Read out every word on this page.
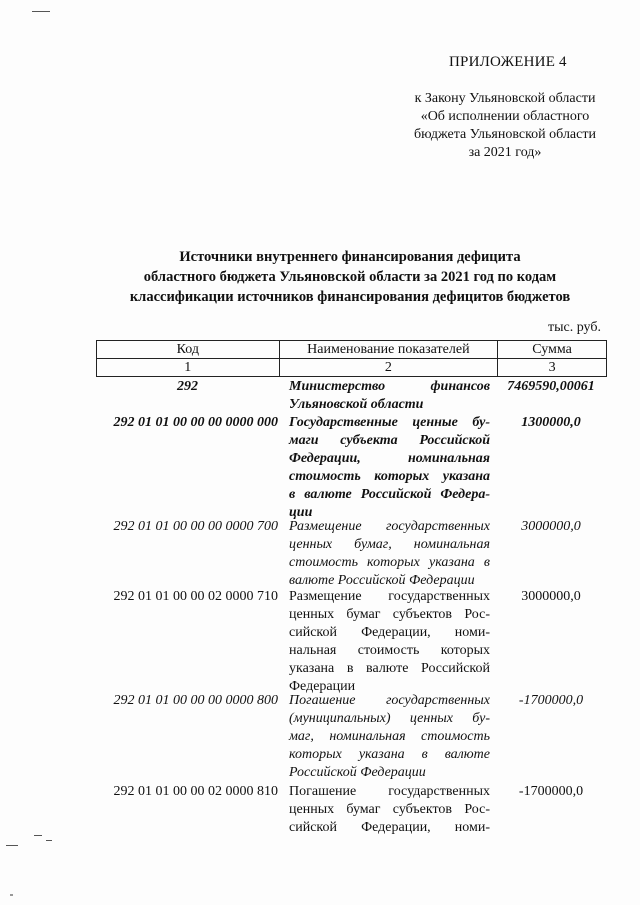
ПРИЛОЖЕНИЕ 4
к Закону Ульяновской области
«Об исполнении областного
бюджета Ульяновской области
за 2021 год»
Источники внутреннего финансирования дефицита
областного бюджета Ульяновской области за 2021 год по кодам
классификации источников финансирования дефицитов бюджетов
тыс. руб.
Код	Наименование показателей	Сумма
1	2	3
292	Министерство финансов
Ульяновской области
7469590,00061
292 01 01 00 00 00 0000 000 Государственные ценные бу-
маги субъекта Российской
Федерации, номинальная
стоимость которых указана
в валюте Российской Федера-
ции
1300000,0
292 01 01 00 00 00 0000 700 Размещение государственных
ценных бумаг, номинальная
стоимость которых указана в
валюте Российской Федерации
3000000,0
292 01 01 00 00 02 0000 710 Размещение государственных
ценных бумаг субъектов Рос-
сийской Федерации, номи-
нальная стоимость которых
указана в валюте Российской
Федерации
3000000,0
292 01 01 00 00 00 0000 800 Погашение государственных
(муниципальных) ценных бу-
маг, номинальная стоимость
которых указана в валюте
Российской Федерации
-1700000,0
292 01 01 00 00 02 0000 810 Погашение государственных
ценных бумаг субъектов Рос-
сийской Федерации, номи-
-1700000,0
